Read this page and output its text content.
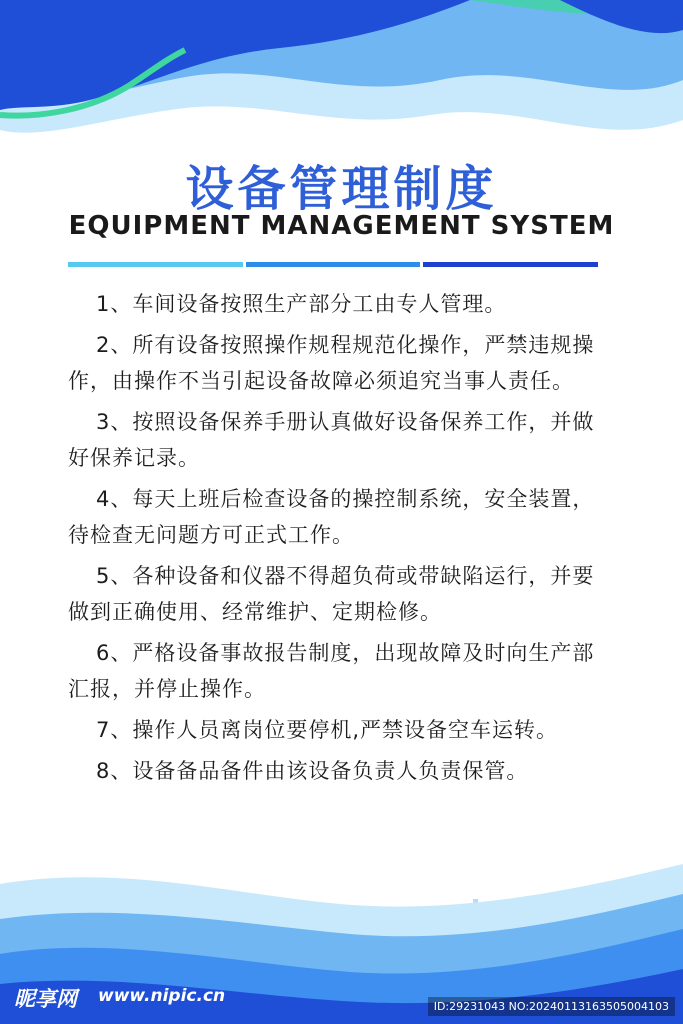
设备管理制度
EQUIPMENT MANAGEMENT SYSTEM
1、车间设备按照生产部分工由专人管理。
2、所有设备按照操作规程规范化操作，严禁违规操作，由操作不当引起设备故障必须追究当事人责任。
3、按照设备保养手册认真做好设备保养工作，并做好保养记录。
4、每天上班后检查设备的操控制系统，安全装置，待检查无问题方可正式工作。
5、各种设备和仪器不得超负荷或带缺陷运行，并要做到正确使用、经常维护、定期检修。
6、严格设备事故报告制度，出现故障及时向生产部汇报，并停止操作。
7、操作人员离岗位要停机,严禁设备空车运转。
8、设备备品备件由该设备负责人负责保管。
昵享网 www.nipic.cn
ID:29231043 NO:20240113163505004103
